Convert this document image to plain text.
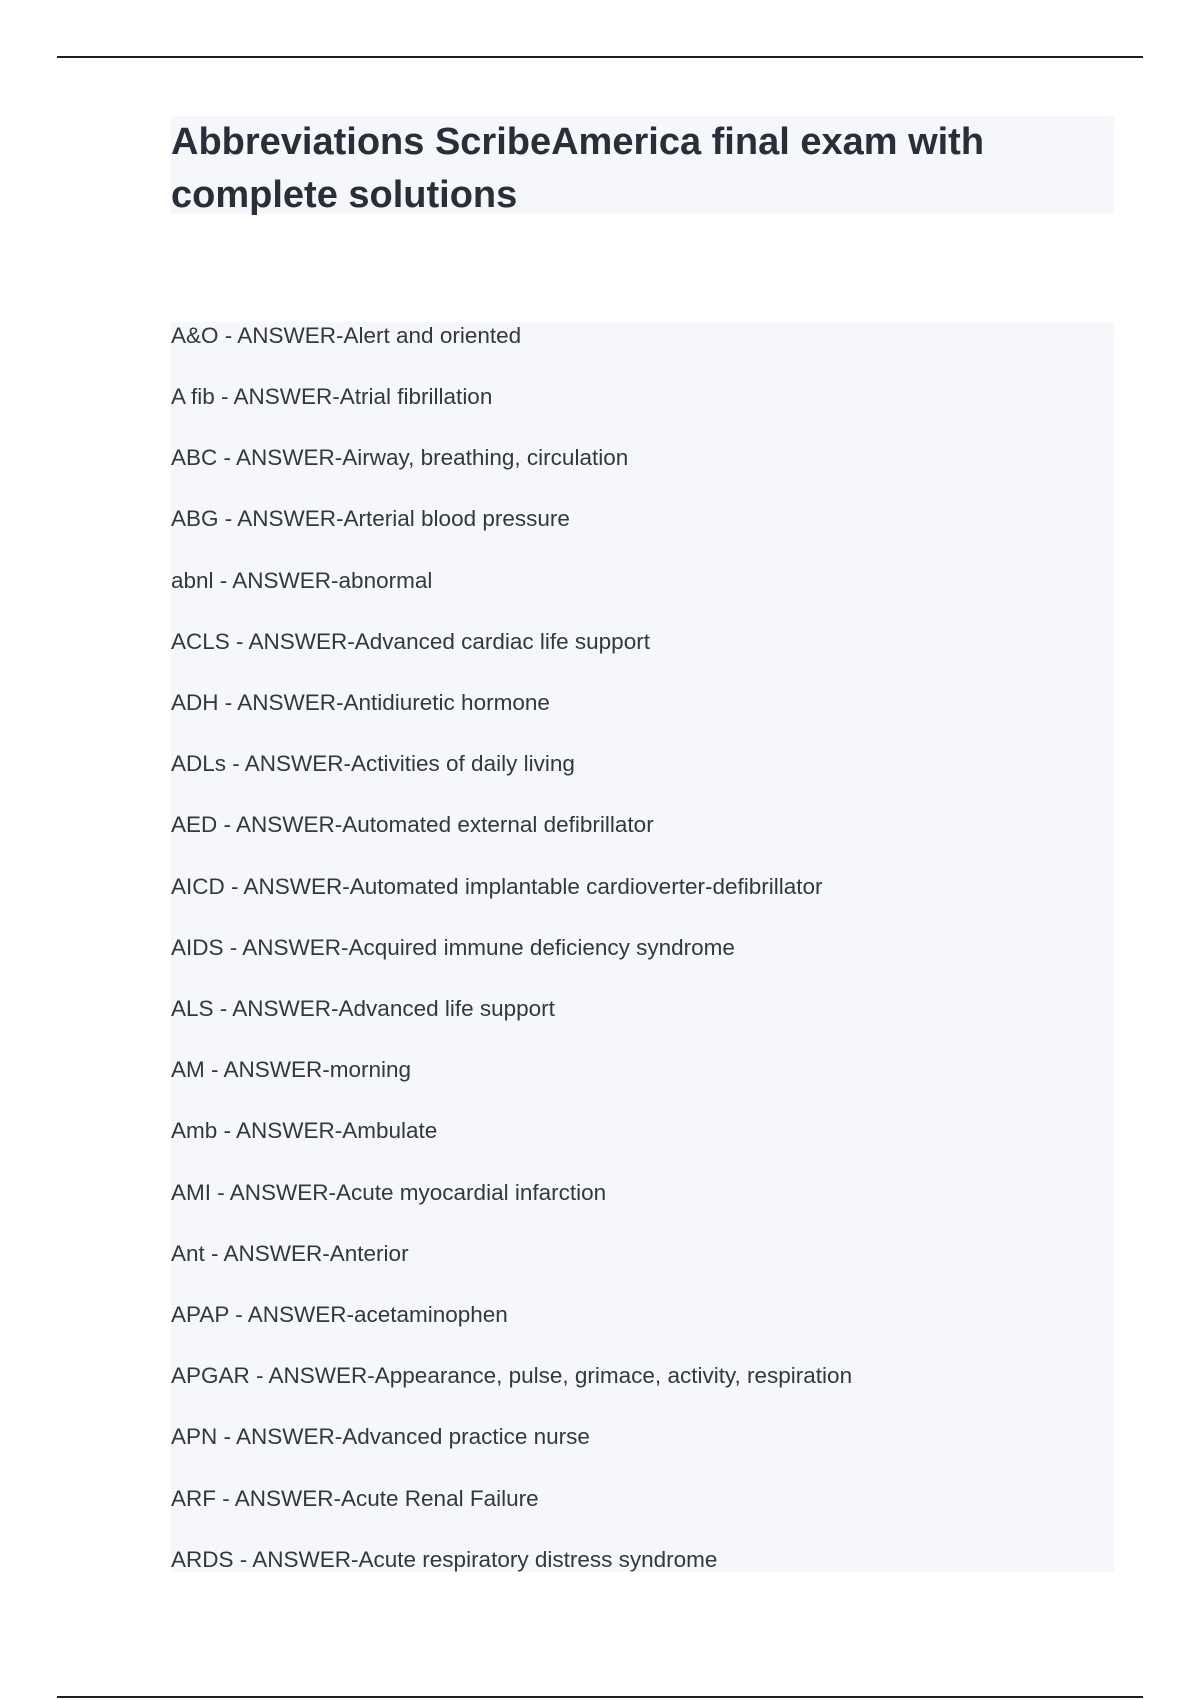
Abbreviations ScribeAmerica final exam with complete solutions

A&O - ANSWER-Alert and oriented

A fib - ANSWER-Atrial fibrillation

ABC - ANSWER-Airway, breathing, circulation

ABG - ANSWER-Arterial blood pressure

abnl - ANSWER-abnormal

ACLS - ANSWER-Advanced cardiac life support

ADH - ANSWER-Antidiuretic hormone

ADLs - ANSWER-Activities of daily living

AED - ANSWER-Automated external defibrillator

AICD - ANSWER-Automated implantable cardioverter-defibrillator

AIDS - ANSWER-Acquired immune deficiency syndrome

ALS - ANSWER-Advanced life support

AM - ANSWER-morning

Amb - ANSWER-Ambulate

AMI - ANSWER-Acute myocardial infarction

Ant - ANSWER-Anterior

APAP - ANSWER-acetaminophen

APGAR - ANSWER-Appearance, pulse, grimace, activity, respiration

APN - ANSWER-Advanced practice nurse

ARF - ANSWER-Acute Renal Failure

ARDS - ANSWER-Acute respiratory distress syndrome
